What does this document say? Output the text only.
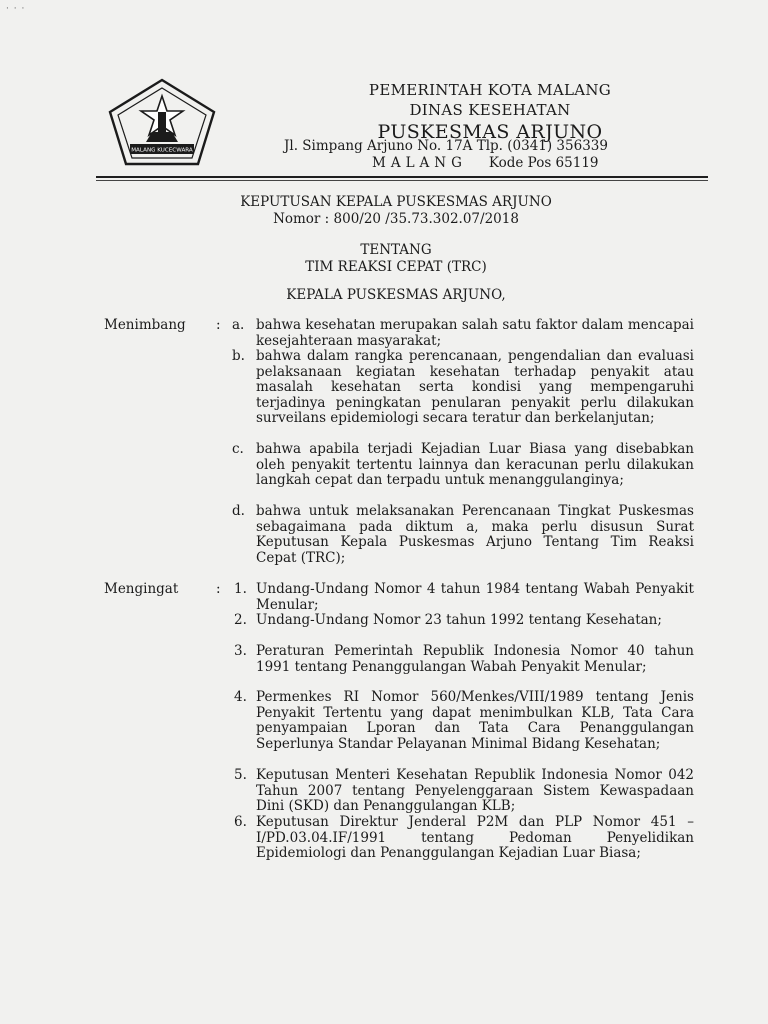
· · ·
MALANG KUCECWARA
PEMERINTAH KOTA MALANG
DINAS KESEHATAN
PUSKESMAS ARJUNO
Jl. Simpang Arjuno No. 17A Tlp. (0341) 356339
MALANG Kode Pos 65119
KEPUTUSAN KEPALA PUSKESMAS ARJUNO
Nomor : 800/20 /35.73.302.07/2018
TENTANG
TIM REAKSI CEPAT (TRC)
KEPALA PUSKESMAS ARJUNO,
Menimbang : a. bahwa kesehatan merupakan salah satu faktor dalam mencapai kesejahteraan masyarakat;
b. bahwa dalam rangka perencanaan, pengendalian dan evaluasi pelaksanaan kegiatan kesehatan terhadap penyakit atau masalah kesehatan serta kondisi yang mempengaruhi terjadinya peningkatan penularan penyakit perlu dilakukan surveilans epidemiologi secara teratur dan berkelanjutan;
c. bahwa apabila terjadi Kejadian Luar Biasa yang disebabkan oleh penyakit tertentu lainnya dan keracunan perlu dilakukan langkah cepat dan terpadu untuk menanggulanginya;
d. bahwa untuk melaksanakan Perencanaan Tingkat Puskesmas sebagaimana pada diktum a, maka perlu disusun Surat Keputusan Kepala Puskesmas Arjuno Tentang Tim Reaksi Cepat (TRC);
Mengingat	: 1. Undang-Undang Nomor 4 tahun 1984 tentang Wabah Penyakit Menular;
2. Undang-Undang Nomor 23 tahun 1992 tentang Kesehatan;
3. Peraturan Pemerintah Republik Indonesia Nomor 40 tahun 1991 tentang Penanggulangan Wabah Penyakit Menular;
4. Permenkes RI Nomor 560/Menkes/VIII/1989 tentang Jenis Penyakit Tertentu yang dapat menimbulkan KLB, Tata Cara penyampaian Lporan dan Tata Cara Penanggulangan Seperlunya Standar Pelayanan Minimal Bidang Kesehatan;
5. Keputusan Menteri Kesehatan Republik Indonesia Nomor 042 Tahun 2007 tentang Penyelenggaraan Sistem Kewaspadaan Dini (SKD) dan Penanggulangan KLB;
6. Keputusan Direktur Jenderal P2M dan PLP Nomor 451 – I/PD.03.04.IF/1991 tentang Pedoman Penyelidikan Epidemiologi dan Penanggulangan Kejadian Luar Biasa;
